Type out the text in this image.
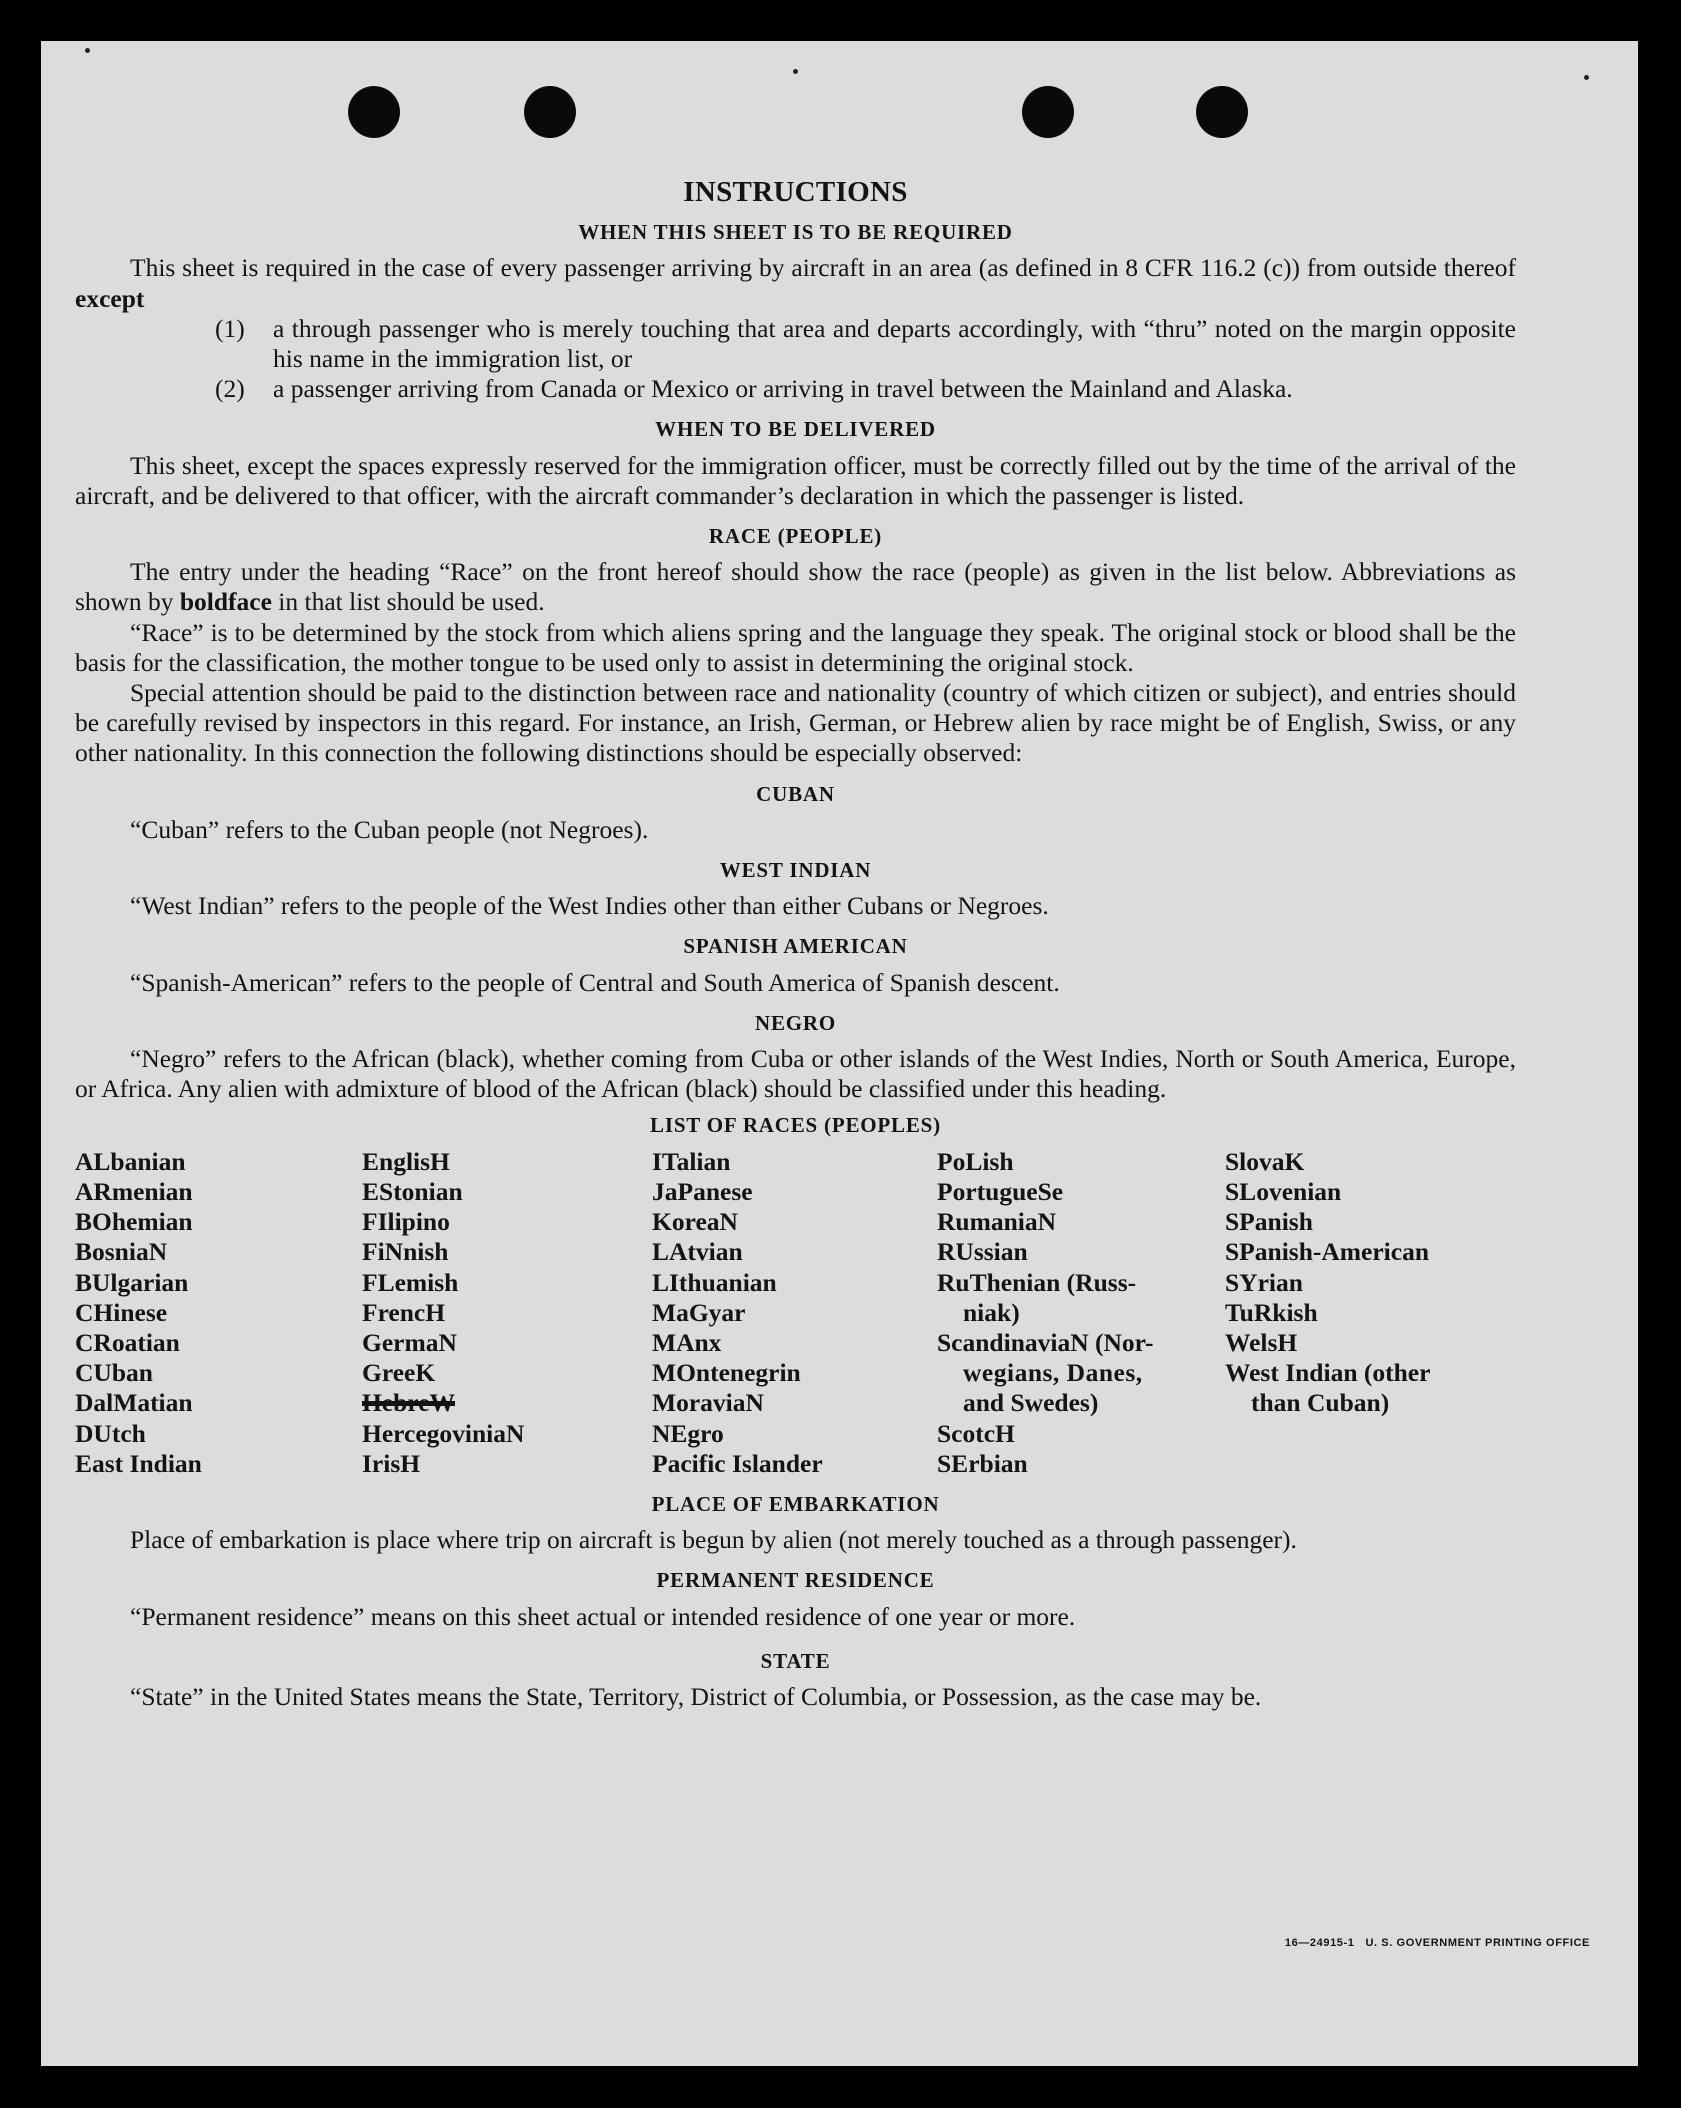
INSTRUCTIONS
WHEN THIS SHEET IS TO BE REQUIRED

This sheet is required in the case of every passenger arriving by aircraft in an area (as defined in 8 CFR 116.2 (c)) from outside thereof except

(1) a through passenger who is merely touching that area and departs accordingly, with “thru” noted on the margin opposite his name in the immigration list, or
(2) a passenger arriving from Canada or Mexico or arriving in travel between the Mainland and Alaska.
WHEN TO BE DELIVERED

This sheet, except the spaces expressly reserved for the immigration officer, must be correctly filled out by the time of the arrival of the aircraft, and be delivered to that officer, with the aircraft commander’s declaration in which the passenger is listed.

RACE (PEOPLE)

The entry under the heading “Race” on the front hereof should show the race (people) as given in the list below. Abbreviations as shown by boldface in that list should be used.

“Race” is to be determined by the stock from which aliens spring and the language they speak. The original stock or blood shall be the basis for the classification, the mother tongue to be used only to assist in determining the original stock.

Special attention should be paid to the distinction between race and nationality (country of which citizen or subject), and entries should be carefully revised by inspectors in this regard. For instance, an Irish, German, or Hebrew alien by race might be of English, Swiss, or any other nationality. In this connection the following distinctions should be especially observed:

CUBAN

“Cuban” refers to the Cuban people (not Negroes).

WEST INDIAN

“West Indian” refers to the people of the West Indies other than either Cubans or Negroes.

SPANISH AMERICAN

“Spanish-American” refers to the people of Central and South America of Spanish descent.

NEGRO

“Negro” refers to the African (black), whether coming from Cuba or other islands of the West Indies, North or South America, Europe, or Africa. Any alien with admixture of blood of the African (black) should be classified under this heading.

LIST OF RACES (PEOPLES)
ALbanian
ARmenian
BOhemian
BosniaN
BUlgarian
CHinese
CRoatian
CUban
DalMatian
DUtch
East Indian
EnglisH
EStonian
FIlipino
FiNnish
FLemish
FrencH
GermaN
GreeK
HebreW
HercegoviniaN
IrisH
ITalian
JaPanese
KoreaN
LAtvian
LIthuanian
MaGyar
MAnx
MOntenegrin
MoraviaN
NEgro
Pacific Islander
PoLish
PortugueSe
RumaniaN
RUssian
RuThenian (Russ-
niak)
ScandinaviaN (Nor-
wegians, Danes,
and Swedes)
ScotcH
SErbian
SlovaK
SLovenian
SPanish
SPanish-American
SYrian
TuRkish
WelsH
West Indian (other
than Cuban)
PLACE OF EMBARKATION

Place of embarkation is place where trip on aircraft is begun by alien (not merely touched as a through passenger).

PERMANENT RESIDENCE

“Permanent residence” means on this sheet actual or intended residence of one year or more.

STATE

“State” in the United States means the State, Territory, District of Columbia, or Possession, as the case may be.

16—24915-1   U. S. GOVERNMENT PRINTING OFFICE
